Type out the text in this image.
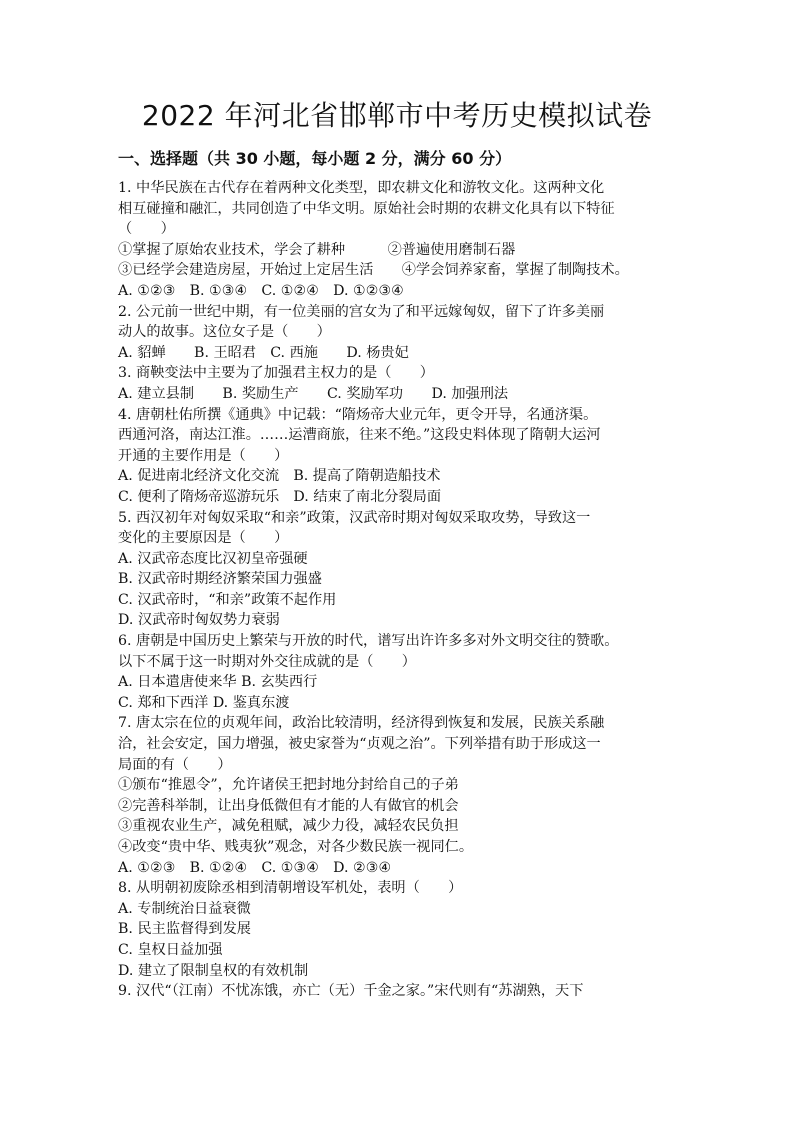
2022 年河北省邯郸市中考历史模拟试卷
一、选择题（共 30 小题，每小题 2 分，满分 60 分）
1. 中华民族在古代存在着两种文化类型，即农耕文化和游牧文化。这两种文化
相互碰撞和融汇，共同创造了中华文明。原始社会时期的农耕文化具有以下特征
（　　）
①掌握了原始农业技术，学会了耕种　　　②普遍使用磨制石器
③已经学会建造房屋，开始过上定居生活　　④学会饲养家畜，掌握了制陶技术。
A. ①②③　B. ①③④　C. ①②④　D. ①②③④
2. 公元前一世纪中期，有一位美丽的宫女为了和平远嫁匈奴，留下了许多美丽
动人的故事。这位女子是（　　）
A. 貂蝉　　B. 王昭君　C. 西施　　D. 杨贵妃
3. 商鞅变法中主要为了加强君主权力的是（　　）
A. 建立县制　　B. 奖励生产　　C. 奖励军功　　D. 加强刑法
4. 唐朝杜佑所撰《通典》中记载：“隋炀帝大业元年，更令开导，名通济渠。
西通河洛，南达江淮。……运漕商旅，往来不绝。”这段史料体现了隋朝大运河
开通的主要作用是（　　）
A. 促进南北经济文化交流　B. 提高了隋朝造船技术
C. 便利了隋炀帝巡游玩乐　D. 结束了南北分裂局面
5. 西汉初年对匈奴采取“和亲”政策，汉武帝时期对匈奴采取攻势，导致这一
变化的主要原因是（　　）
A. 汉武帝态度比汉初皇帝强硬
B. 汉武帝时期经济繁荣国力强盛
C. 汉武帝时，“和亲”政策不起作用
D. 汉武帝时匈奴势力衰弱
6. 唐朝是中国历史上繁荣与开放的时代，谱写出许许多多对外文明交往的赞歌。
以下不属于这一时期对外交往成就的是（　　）
A. 日本遣唐使来华 B. 玄奘西行
C. 郑和下西洋 D. 鉴真东渡
7. 唐太宗在位的贞观年间，政治比较清明，经济得到恢复和发展，民族关系融
洽，社会安定，国力增强，被史家誉为“贞观之治”。下列举措有助于形成这一
局面的有（　　）
①颁布“推恩令”，允许诸侯王把封地分封给自己的子弟
②完善科举制，让出身低微但有才能的人有做官的机会
③重视农业生产，减免租赋，减少力役，减轻农民负担
④改变“贵中华、贱夷狄”观念，对各少数民族一视同仁。
A. ①②③　B. ①②④　C. ①③④　D. ②③④
8. 从明朝初废除丞相到清朝增设军机处，表明（　　）
A. 专制统治日益衰微
B. 民主监督得到发展
C. 皇权日益加强
D. 建立了限制皇权的有效机制
9. 汉代“（江南）不忧冻饿，亦亡（无）千金之家。”宋代则有“苏湖熟，天下
